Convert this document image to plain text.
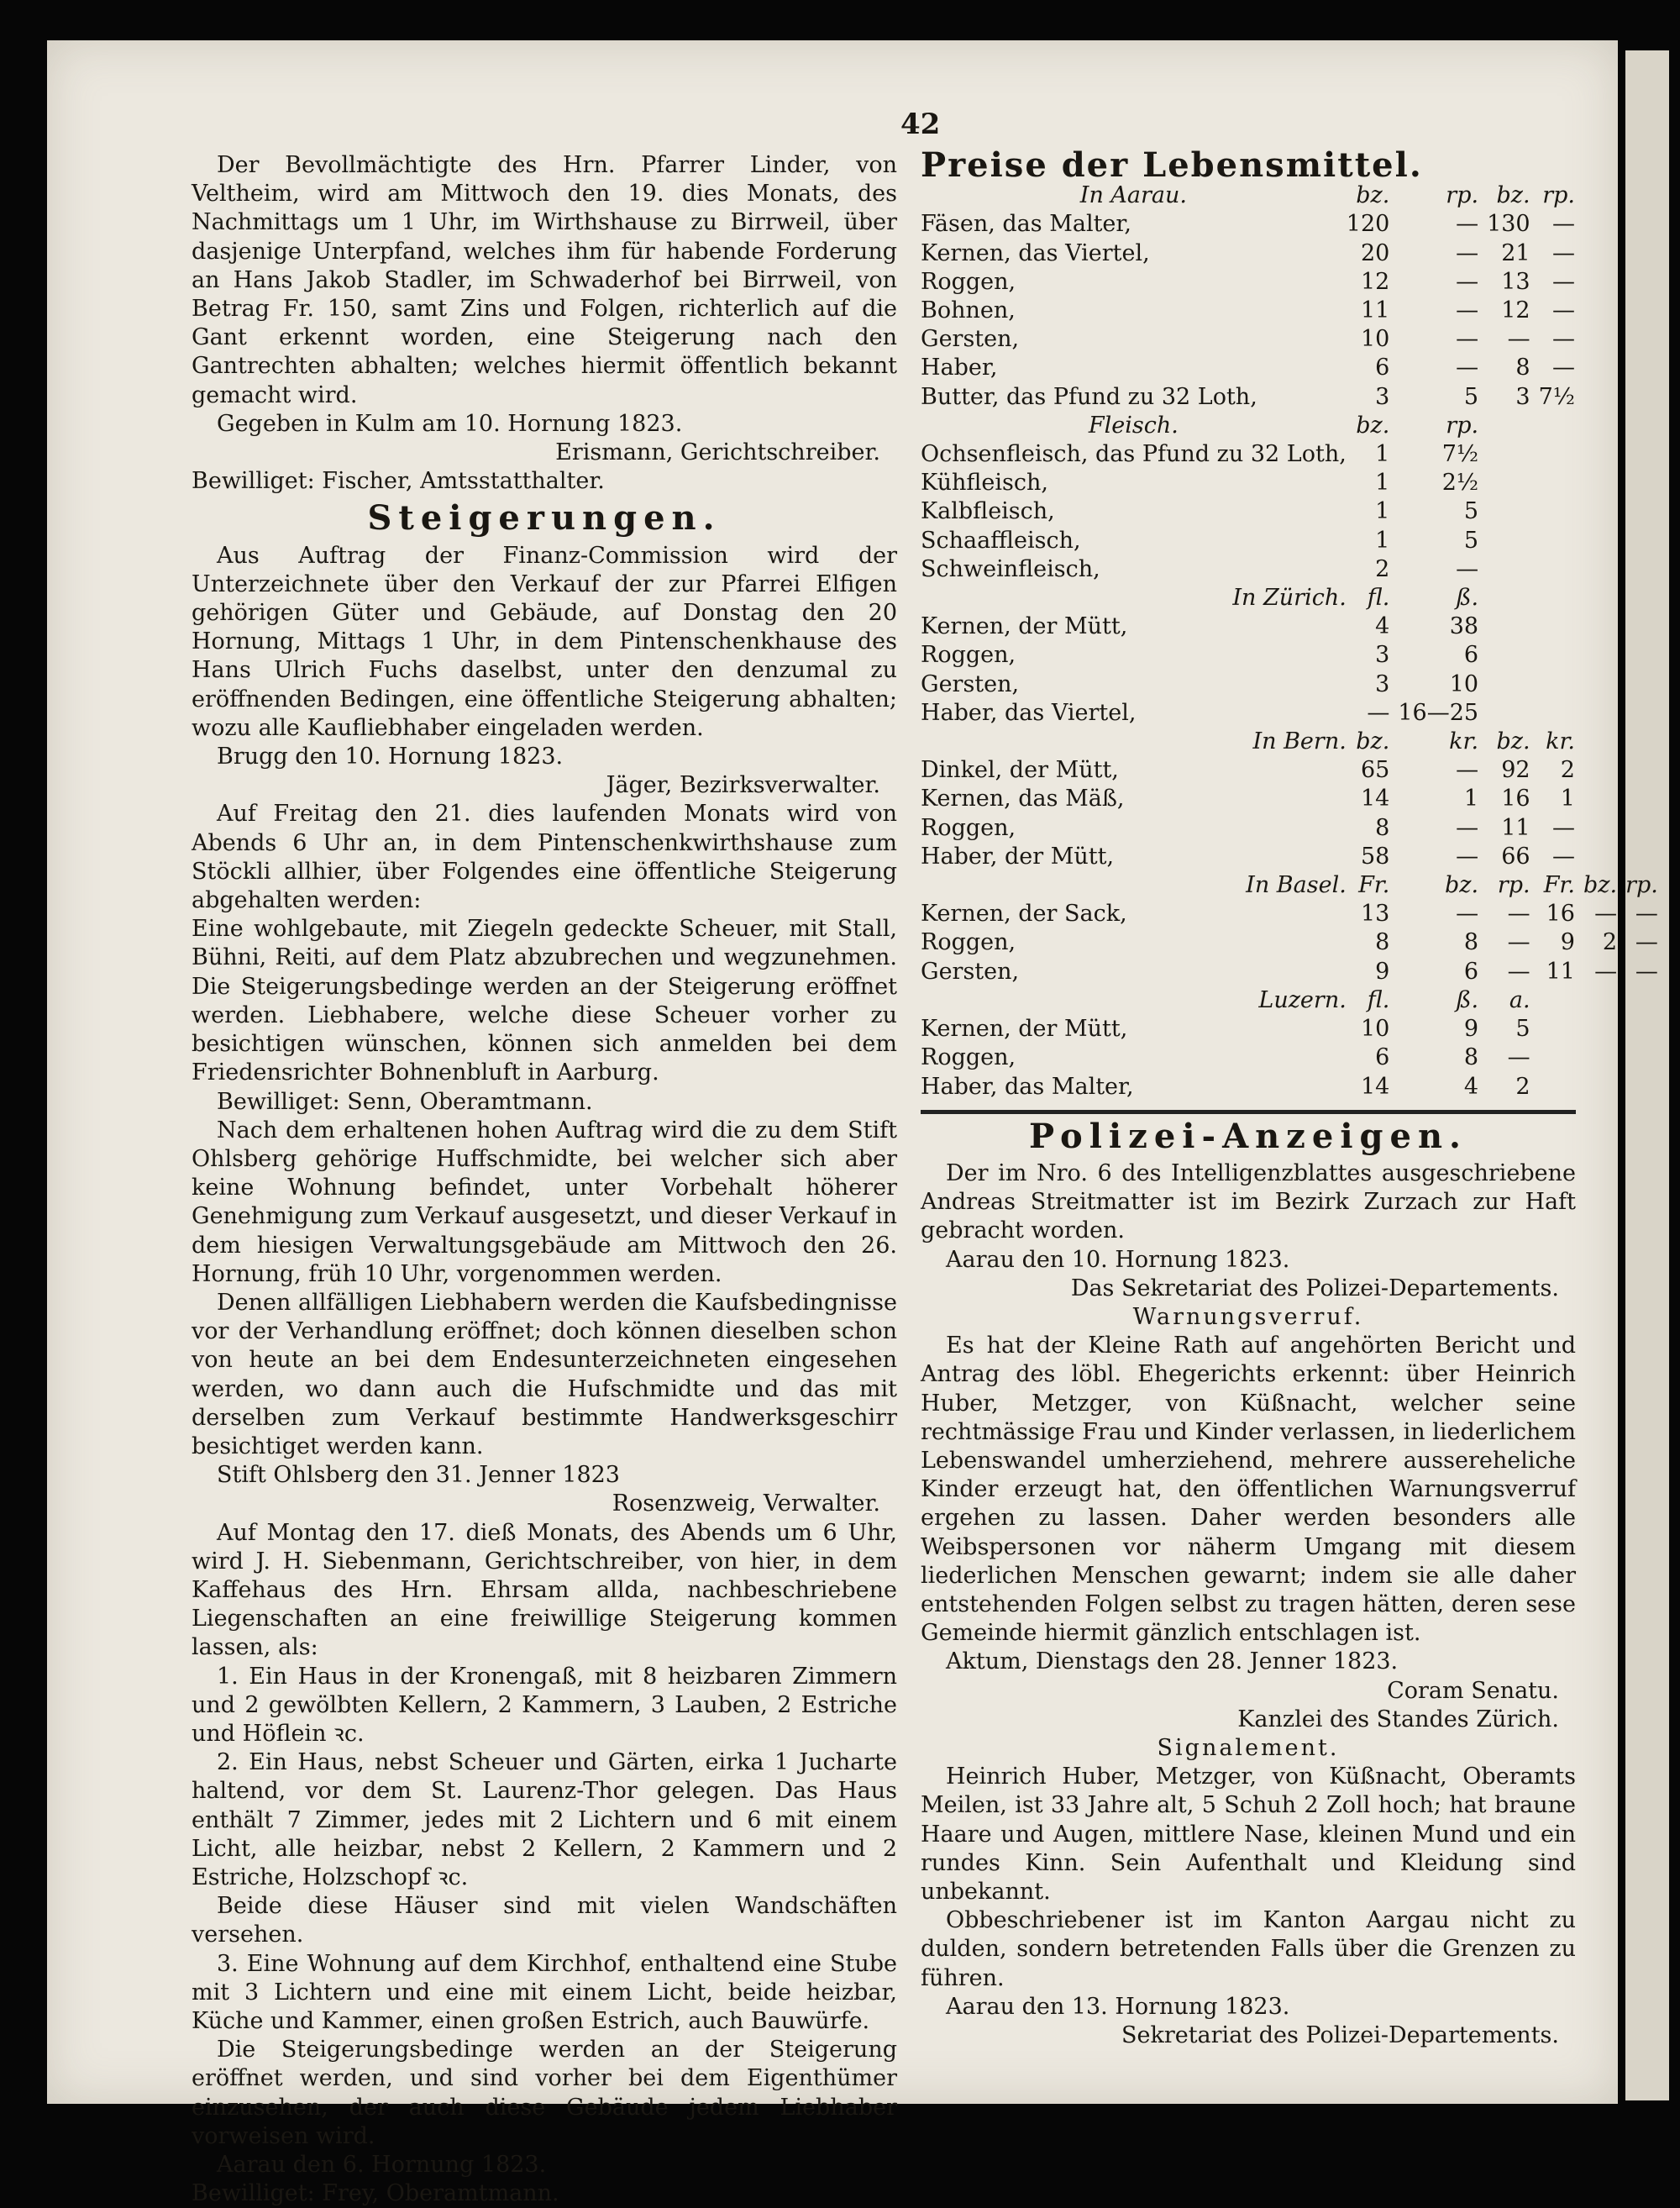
42

Der Bevollmächtigte des Hrn. Pfarrer Linder, von Veltheim, wird am Mittwoch den 19. dies Monats, des Nachmittags um 1 Uhr, im Wirthshause zu Birrweil, über dasjenige Unterpfand, welches ihm für habende Forderung an Hans Jakob Stadler, im Schwaderhof bei Birrweil, von Betrag Fr. 150, samt Zins und Folgen, richterlich auf die Gant erkennt worden, eine Steigerung nach den Gantrechten abhalten; welches hiermit öffentlich bekannt gemacht wird.

Gegeben in Kulm am 10. Hornung 1823.

Erismann, Gerichtschreiber.

Bewilliget: Fischer, Amtsstatthalter.

Steigerungen.

Aus Auftrag der Finanz-Commission wird der Unterzeichnete über den Verkauf der zur Pfarrei Elfigen gehörigen Güter und Gebäude, auf Donstag den 20 Hornung, Mittags 1 Uhr, in dem Pintenschenkhause des Hans Ulrich Fuchs daselbst, unter den denzumal zu eröffnenden Bedingen, eine öffentliche Steigerung abhalten; wozu alle Kaufliebhaber eingeladen werden.

Brugg den 10. Hornung 1823.

Jäger, Bezirksverwalter.

Auf Freitag den 21. dies laufenden Monats wird von Abends 6 Uhr an, in dem Pintenschenkwirthshause zum Stöckli allhier, über Folgendes eine öffentliche Steigerung abgehalten werden:

Eine wohlgebaute, mit Ziegeln gedeckte Scheuer, mit Stall, Bühni, Reiti, auf dem Platz abzubrechen und wegzunehmen. Die Steigerungsbedinge werden an der Steigerung eröffnet werden. Liebhabere, welche diese Scheuer vorher zu besichtigen wünschen, können sich anmelden bei dem Friedensrichter Bohnenbluft in Aarburg.

Bewilliget: Senn, Oberamtmann.

Nach dem erhaltenen hohen Auftrag wird die zu dem Stift Ohlsberg gehörige Huffschmidte, bei welcher sich aber keine Wohnung befindet, unter Vorbehalt höherer Genehmigung zum Verkauf ausgesetzt, und dieser Verkauf in dem hiesigen Verwaltungsgebäude am Mittwoch den 26. Hornung, früh 10 Uhr, vorgenommen werden.

Denen allfälligen Liebhabern werden die Kaufsbedingnisse vor der Verhandlung eröffnet; doch können dieselben schon von heute an bei dem Endesunterzeichneten eingesehen werden, wo dann auch die Hufschmidte und das mit derselben zum Verkauf bestimmte Handwerksgeschirr besichtiget werden kann.

Stift Ohlsberg den 31. Jenner 1823

Rosenzweig, Verwalter.

Auf Montag den 17. dieß Monats, des Abends um 6 Uhr, wird J. H. Siebenmann, Gerichtschreiber, von hier, in dem Kaffehaus des Hrn. Ehrsam allda, nachbeschriebene Liegenschaften an eine freiwillige Steigerung kommen lassen, als:

1. Ein Haus in der Kronengaß, mit 8 heizbaren Zimmern und 2 gewölbten Kellern, 2 Kammern, 3 Lauben, 2 Estriche und Höflein ꝛc.

2. Ein Haus, nebst Scheuer und Gärten, eirka 1 Jucharte haltend, vor dem St. Laurenz-Thor gelegen. Das Haus enthält 7 Zimmer, jedes mit 2 Lichtern und 6 mit einem Licht, alle heizbar, nebst 2 Kellern, 2 Kammern und 2 Estriche, Holzschopf ꝛc.

Beide diese Häuser sind mit vielen Wandschäften versehen.

3. Eine Wohnung auf dem Kirchhof, enthaltend eine Stube mit 3 Lichtern und eine mit einem Licht, beide heizbar, Küche und Kammer, einen großen Estrich, auch Bauwürfe.

Die Steigerungsbedinge werden an der Steigerung eröffnet werden, und sind vorher bei dem Eigenthümer einzusehen, der auch diese Gebäude jedem Liebhaber vorweisen wird.

Aarau den 6. Hornung 1823.

Bewilliget: Frey, Oberamtmann.

Preise der Lebensmittel.
In Aarau.	bz.	rp.	bz.	rp.		
Fäsen, das Malter,	120	—	130	—		
Kernen, das Viertel,	20	—	21	—		
Roggen,	12	—	13	—		
Bohnen,	11	—	12	—		
Gersten,	10	—	—	—		
Haber,	6	—	8	—		
Butter, das Pfund zu 32 Loth,	3	5	3	7½		
Fleisch.	bz.	rp.				
Ochsenfleisch, das Pfund zu 32 Loth,	1	7½				
Kühfleisch,	1	2½				
Kalbfleisch,	1	5				
Schaaffleisch,	1	5				
Schweinfleisch,	2	—				
In Zürich.	fl.	ß.				
Kernen, der Mütt,	4	38				
Roggen,	3	6				
Gersten,	3	10				
Haber, das Viertel,	—	16—25				
In Bern.	bz.	kr.	bz.	kr.		
Dinkel, der Mütt,	65	—	92	2		
Kernen, das Mäß,	14	1	16	1		
Roggen,	8	—	11	—		
Haber, der Mütt,	58	—	66	—		
In Basel.	Fr.	bz.	rp.	Fr.	bz.	rp.
Kernen, der Sack,	13	—	—	16	—	—
Roggen,	8	8	—	9	2	—
Gersten,	9	6	—	11	—	—
Luzern.	fl.	ß.	a.			
Kernen, der Mütt,	10	9	5			
Roggen,	6	8	—			
Haber, das Malter,	14	4	2			
Polizei-Anzeigen.

Der im Nro. 6 des Intelligenzblattes ausgeschriebene Andreas Streitmatter ist im Bezirk Zurzach zur Haft gebracht worden.

Aarau den 10. Hornung 1823.

Das Sekretariat des Polizei-Departements.

Warnungsverruf.

Es hat der Kleine Rath auf angehörten Bericht und Antrag des löbl. Ehegerichts erkennt: über Heinrich Huber, Metzger, von Küßnacht, welcher seine rechtmässige Frau und Kinder verlassen, in liederlichem Lebenswandel umherziehend, mehrere aussereheliche Kinder erzeugt hat, den öffentlichen Warnungsverruf ergehen zu lassen. Daher werden besonders alle Weibspersonen vor näherm Umgang mit diesem liederlichen Menschen gewarnt; indem sie alle daher entstehenden Folgen selbst zu tragen hätten, deren sese Gemeinde hiermit gänzlich entschlagen ist.

Aktum, Dienstags den 28. Jenner 1823.

Coram Senatu.

Kanzlei des Standes Zürich.

Signalement.

Heinrich Huber, Metzger, von Küßnacht, Oberamts Meilen, ist 33 Jahre alt, 5 Schuh 2 Zoll hoch; hat braune Haare und Augen, mittlere Nase, kleinen Mund und ein rundes Kinn. Sein Aufenthalt und Kleidung sind unbekannt.

Obbeschriebener ist im Kanton Aargau nicht zu dulden, sondern betretenden Falls über die Grenzen zu führen.

Aarau den 13. Hornung 1823.

Sekretariat des Polizei-Departements.
